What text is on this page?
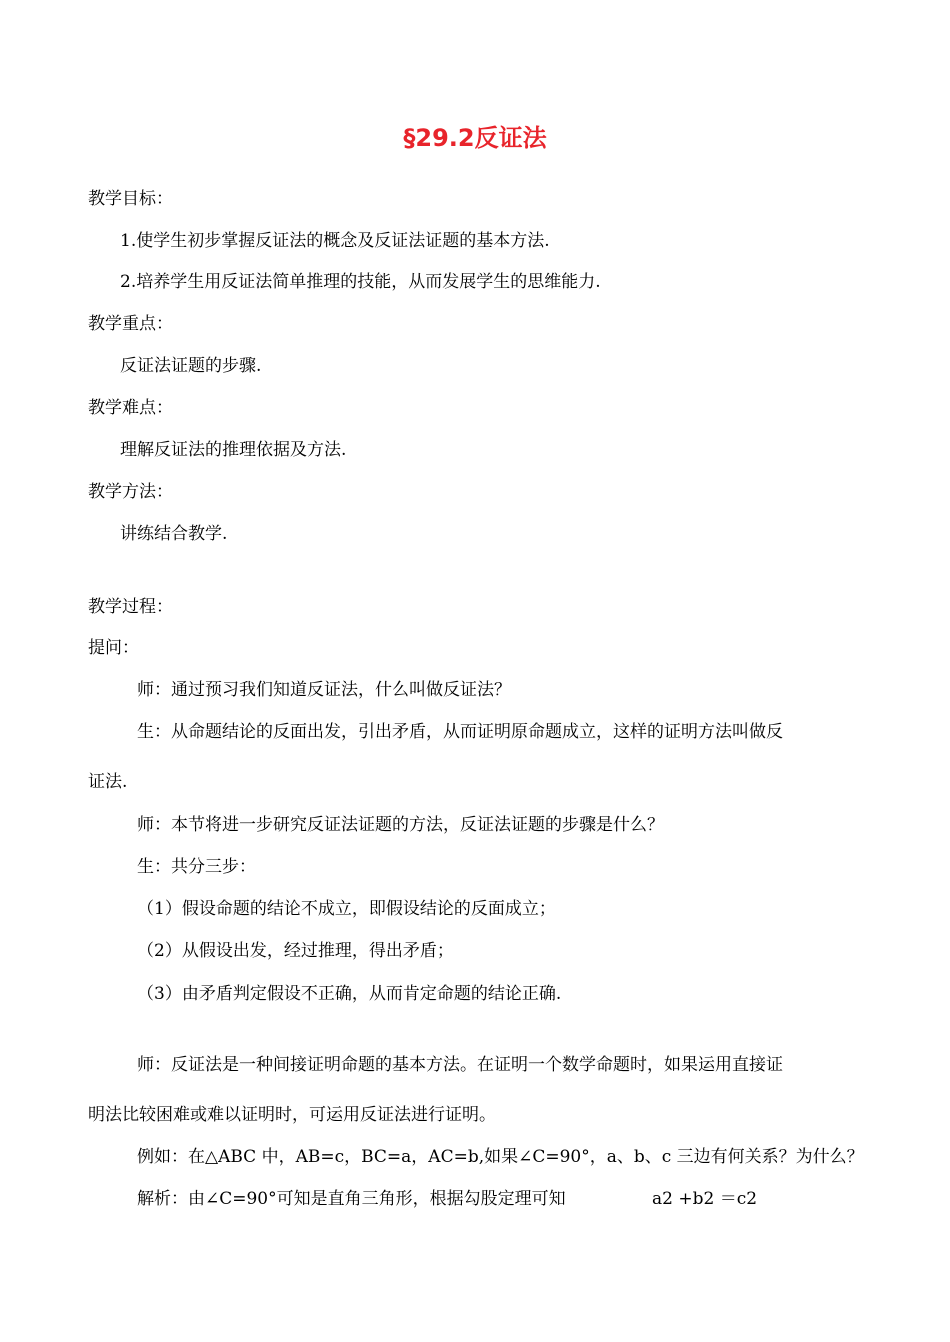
§29.2反证法
教学目标：
1.使学生初步掌握反证法的概念及反证法证题的基本方法.
2.培养学生用反证法简单推理的技能，从而发展学生的思维能力.
教学重点：
反证法证题的步骤.
教学难点：
理解反证法的推理依据及方法.
教学方法：
讲练结合教学.
教学过程：
提问：
师：通过预习我们知道反证法，什么叫做反证法？
生：从命题结论的反面出发，引出矛盾，从而证明原命题成立，这样的证明方法叫做反
证法.
师：本节将进一步研究反证法证题的方法，反证法证题的步骤是什么？
生：共分三步：
（1）假设命题的结论不成立，即假设结论的反面成立；
（2）从假设出发，经过推理，得出矛盾；
（3）由矛盾判定假设不正确，从而肯定命题的结论正确.
师：反证法是一种间接证明命题的基本方法。在证明一个数学命题时，如果运用直接证
明法比较困难或难以证明时，可运用反证法进行证明。
例如：在△ABC 中，AB=c，BC=a，AC=b,如果∠C=90°，a、b、c 三边有何关系？为什么？
解析：由∠C=90°可知是直角三角形，根据勾股定理可知	a2 +b2 ＝c2
